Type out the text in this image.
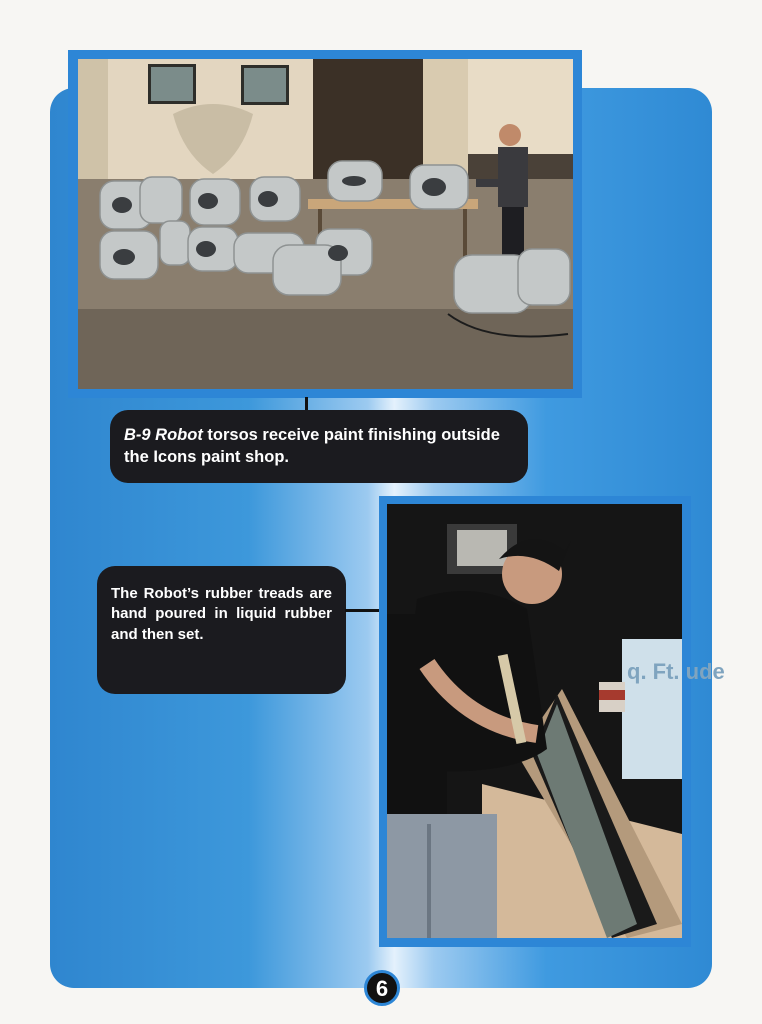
B-9 Robot torsos receive paint finishing outside the Icons paint shop.
The Robot’s rubber treads are hand poured in liquid rubber and then set.
q. Ft. ude
6
